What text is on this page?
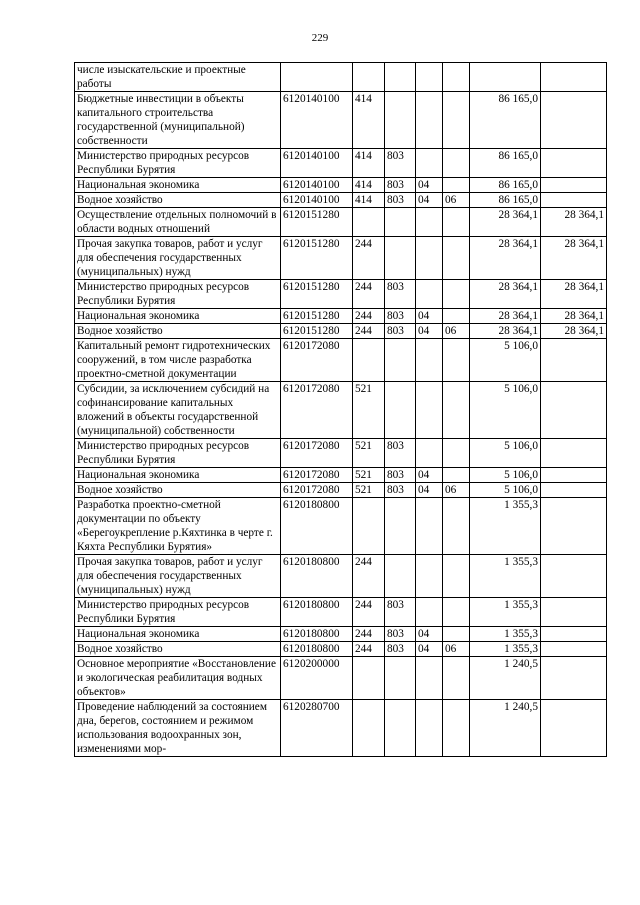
229
числе изыскательские и проектные работы							
Бюджетные инвестиции в объекты капитального строительства государственной (муниципальной) собственности	6120140100	414				86 165,0	
Министерство природных ресурсов Республики Бурятия	6120140100	414	803			86 165,0	
Национальная экономика	6120140100	414	803	04		86 165,0	
Водное хозяйство	6120140100	414	803	04	06	86 165,0	
Осуществление отдельных полномочий в области водных отношений	6120151280					28 364,1	28 364,1
Прочая закупка товаров, работ и услуг для обеспечения государственных (муниципальных) нужд	6120151280	244				28 364,1	28 364,1
Министерство природных ресурсов Республики Бурятия	6120151280	244	803			28 364,1	28 364,1
Национальная экономика	6120151280	244	803	04		28 364,1	28 364,1
Водное хозяйство	6120151280	244	803	04	06	28 364,1	28 364,1
Капитальный ремонт гидротехнических сооружений, в том числе разработка проектно-сметной документации	6120172080					5 106,0	
Субсидии, за исключением субсидий на софинансирование капитальных вложений в объекты государственной (муниципальной) собственности	6120172080	521				5 106,0	
Министерство природных ресурсов Республики Бурятия	6120172080	521	803			5 106,0	
Национальная экономика	6120172080	521	803	04		5 106,0	
Водное хозяйство	6120172080	521	803	04	06	5 106,0	
Разработка проектно-сметной документации по объекту «Берегоукрепление р.Кяхтинка в черте г. Кяхта Республики Бурятия»	6120180800					1 355,3	
Прочая закупка товаров, работ и услуг для обеспечения государственных (муниципальных) нужд	6120180800	244				1 355,3	
Министерство природных ресурсов Республики Бурятия	6120180800	244	803			1 355,3	
Национальная экономика	6120180800	244	803	04		1 355,3	
Водное хозяйство	6120180800	244	803	04	06	1 355,3	
Основное мероприятие «Восстановление и экологическая реабилитация водных объектов»	6120200000					1 240,5	
Проведение наблюдений за состоянием дна, берегов, состоянием и режимом использования водоохранных зон, изменениями мор-	6120280700					1 240,5	
